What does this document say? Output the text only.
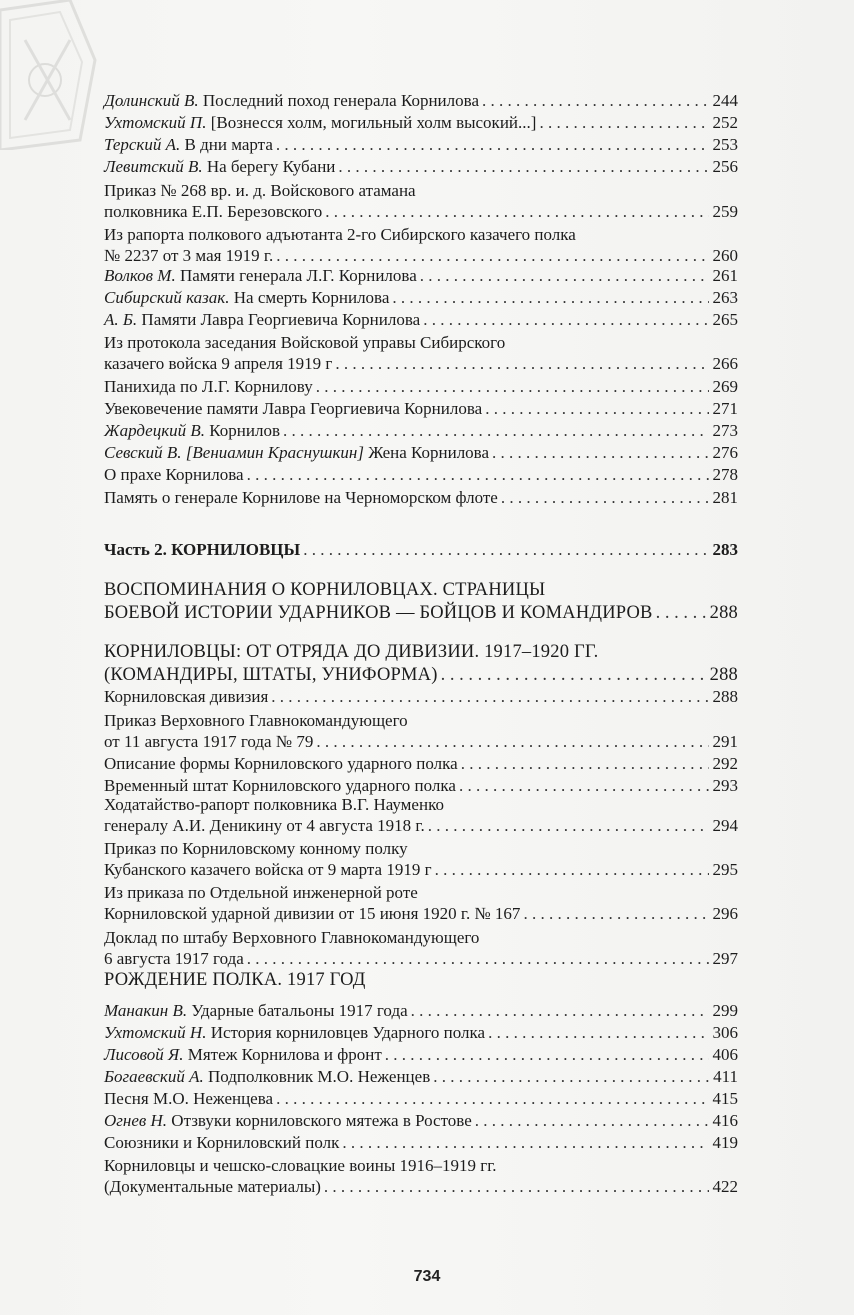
Долинский В. Последний поход генерала Корнилова . . .	244
Ухтомский П. [Вознесся холм, могильный холм высокий...] . . .	252
Терский А. В дни марта . . .	253
Левитский В. На берегу Кубани . . .	256
Приказ № 268 вр. и. д. Войскового атамана
полковника Е.П. Березовского . . .	259
Из рапорта полкового адъютанта 2-го Сибирского казачего полка
№ 2237 от 3 мая 1919 г. . . .	260
Волков М. Памяти генерала Л.Г. Корнилова . . .	261
Сибирский казак. На смерть Корнилова . . .	263
А. Б. Памяти Лавра Георгиевича Корнилова . . .	265
Из протокола заседания Войсковой управы Сибирского
казачего войска 9 апреля 1919 г . . .	266
Панихида по Л.Г. Корнилову . . .	269
Увековечение памяти Лавра Георгиевича Корнилова . . .	271
Жардецкий В. Корнилов . . .	273
Севский В. [Вениамин Краснушкин] Жена Корнилова . . .	276
О прахе Корнилова . . .	278
Память о генерале Корнилове на Черноморском флоте . . .	281
Часть 2. КОРНИЛОВЦЫ . . .	283
ВОСПОМИНАНИЯ О КОРНИЛОВЦАХ. СТРАНИЦЫ
БОЕВОЙ ИСТОРИИ УДАРНИКОВ — БОЙЦОВ И КОМАНДИРОВ . . .	288
КОРНИЛОВЦЫ: ОТ ОТРЯДА ДО ДИВИЗИИ. 1917–1920 ГГ.
(КОМАНДИРЫ, ШТАТЫ, УНИФОРМА) . . .	288
Корниловская дивизия . . .	288
Приказ Верховного Главнокомандующего
от 11 августа 1917 года № 79 . . .	291
Описание формы Корниловского ударного полка . . .	292
Временный штат Корниловского ударного полка . . .	293
Ходатайство-рапорт полковника В.Г. Науменко
генералу А.И. Деникину от 4 августа 1918 г. . . .	294
Приказ по Корниловскому конному полку
Кубанского казачего войска от 9 марта 1919 г . . .	295
Из приказа по Отдельной инженерной роте
Корниловской ударной дивизии от 15 июня 1920 г. № 167 . . .	296
Доклад по штабу Верховного Главнокомандующего
6 августа 1917 года . . .	297
РОЖДЕНИЕ ПОЛКА. 1917 ГОД
Манакин В. Ударные батальоны 1917 года . . .	299
Ухтомский Н. История корниловцев Ударного полка . . .	306
Лисовой Я. Мятеж Корнилова и фронт . . .	406
Богаевский А. Подполковник М.О. Неженцев . . .	411
Песня М.О. Неженцева . . .	415
Огнев Н. Отзвуки корниловского мятежа в Ростове . . .	416
Союзники и Корниловский полк . . .	419
Корниловцы и чешско-словацкие воины 1916–1919 гг.
(Документальные материалы) . . .	422
734
